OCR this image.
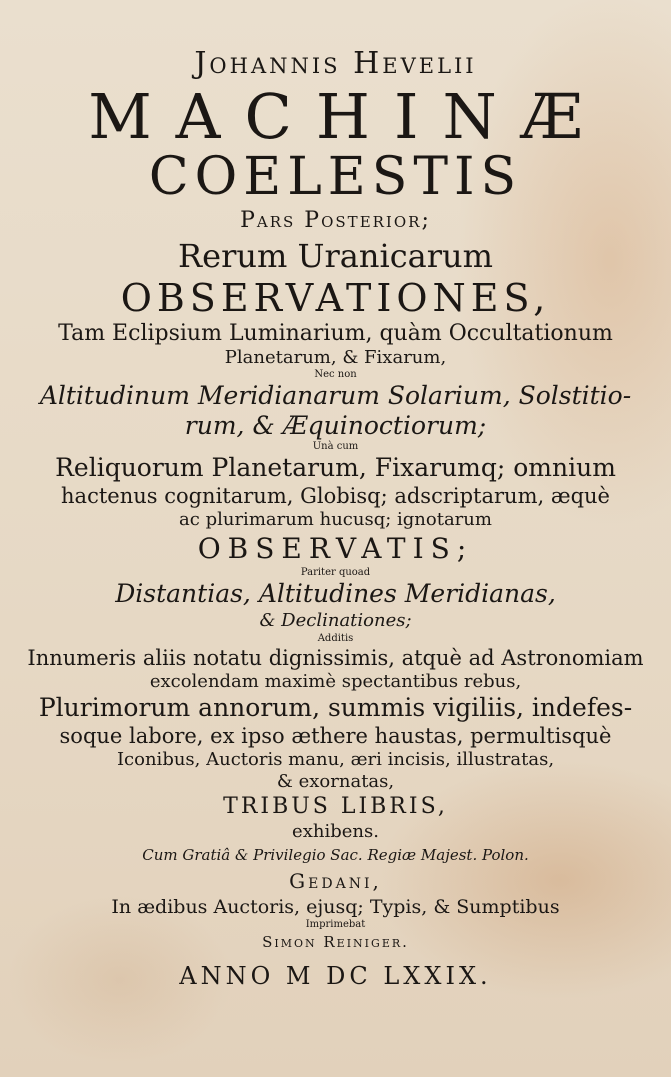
Johannis Hevelii
MACHINÆ
COELESTIS
Pars Posterior;
Rerum Uranicarum
OBSERVATIONES,
Tam Eclipsium Luminarium, quàm Occultationum
Planetarum, & Fixarum,
Nec non
Altitudinum Meridianarum Solarium, Solstitio-
rum, & Æquinoctiorum;
Unà cum
Reliquorum Planetarum, Fixarumq; omnium
hactenus cognitarum, Globisq; adscriptarum, æquè
ac plurimarum hucusq; ignotarum
OBSERVATIS;
Pariter quoad
Distantias, Altitudines Meridianas,
& Declinationes;
Additis
Innumeris aliis notatu dignissimis, atquè ad Astronomiam
excolendam maximè spectantibus rebus,
Plurimorum annorum, summis vigiliis, indefes-
soque labore, ex ipso æthere haustas, permultisquè
Iconibus, Auctoris manu, æri incisis, illustratas,
& exornatas,
TRIBUS LIBRIS,
exhibens.
Cum Gratiâ & Privilegio Sac. Regiæ Majest. Polon.
Gedani,
In ædibus Auctoris, ejusq; Typis, & Sumptibus
Imprimebat
Simon Reiniger.
ANNO M DC LXXIX.
